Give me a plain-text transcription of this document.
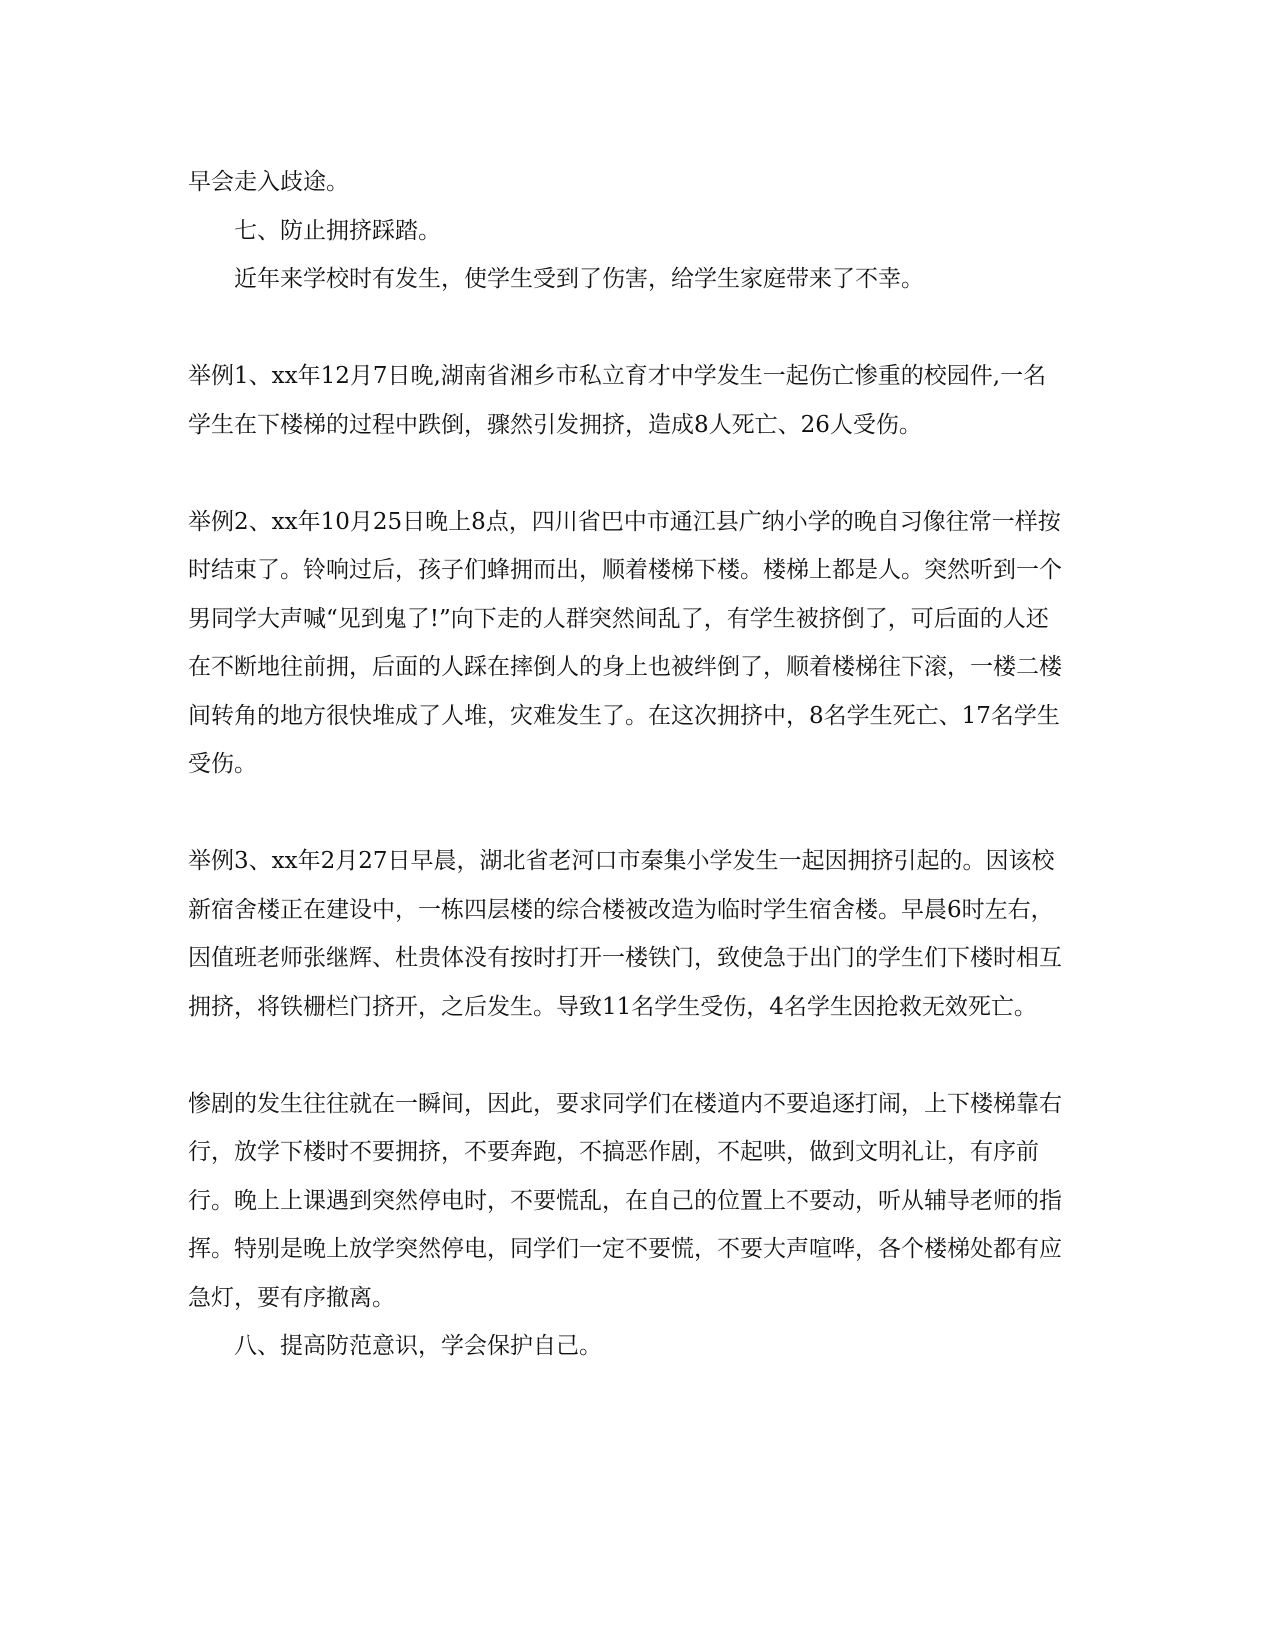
早会走入歧途。

七、防止拥挤踩踏。

近年来学校时有发生，使学生受到了伤害，给学生家庭带来了不幸。

举例1、xx年12月7日晚,湖南省湘乡市私立育才中学发生一起伤亡惨重的校园件,一名学生在下楼梯的过程中跌倒，骤然引发拥挤，造成8人死亡、26人受伤。

举例2、xx年10月25日晚上8点，四川省巴中市通江县广纳小学的晚自习像往常一样按时结束了。铃响过后，孩子们蜂拥而出，顺着楼梯下楼。楼梯上都是人。突然听到一个男同学大声喊“见到鬼了!”向下走的人群突然间乱了，有学生被挤倒了，可后面的人还在不断地往前拥，后面的人踩在摔倒人的身上也被绊倒了，顺着楼梯往下滚，一楼二楼间转角的地方很快堆成了人堆，灾难发生了。在这次拥挤中，8名学生死亡、17名学生受伤。

举例3、xx年2月27日早晨，湖北省老河口市秦集小学发生一起因拥挤引起的。因该校新宿舍楼正在建设中，一栋四层楼的综合楼被改造为临时学生宿舍楼。早晨6时左右，因值班老师张继辉、杜贵体没有按时打开一楼铁门，致使急于出门的学生们下楼时相互拥挤，将铁栅栏门挤开，之后发生。导致11名学生受伤，4名学生因抢救无效死亡。

惨剧的发生往往就在一瞬间，因此，要求同学们在楼道内不要追逐打闹，上下楼梯靠右行，放学下楼时不要拥挤，不要奔跑，不搞恶作剧，不起哄，做到文明礼让，有序前行。晚上上课遇到突然停电时，不要慌乱，在自己的位置上不要动，听从辅导老师的指挥。特别是晚上放学突然停电，同学们一定不要慌，不要大声喧哗，各个楼梯处都有应急灯，要有序撤离。

八、提高防范意识，学会保护自己。
